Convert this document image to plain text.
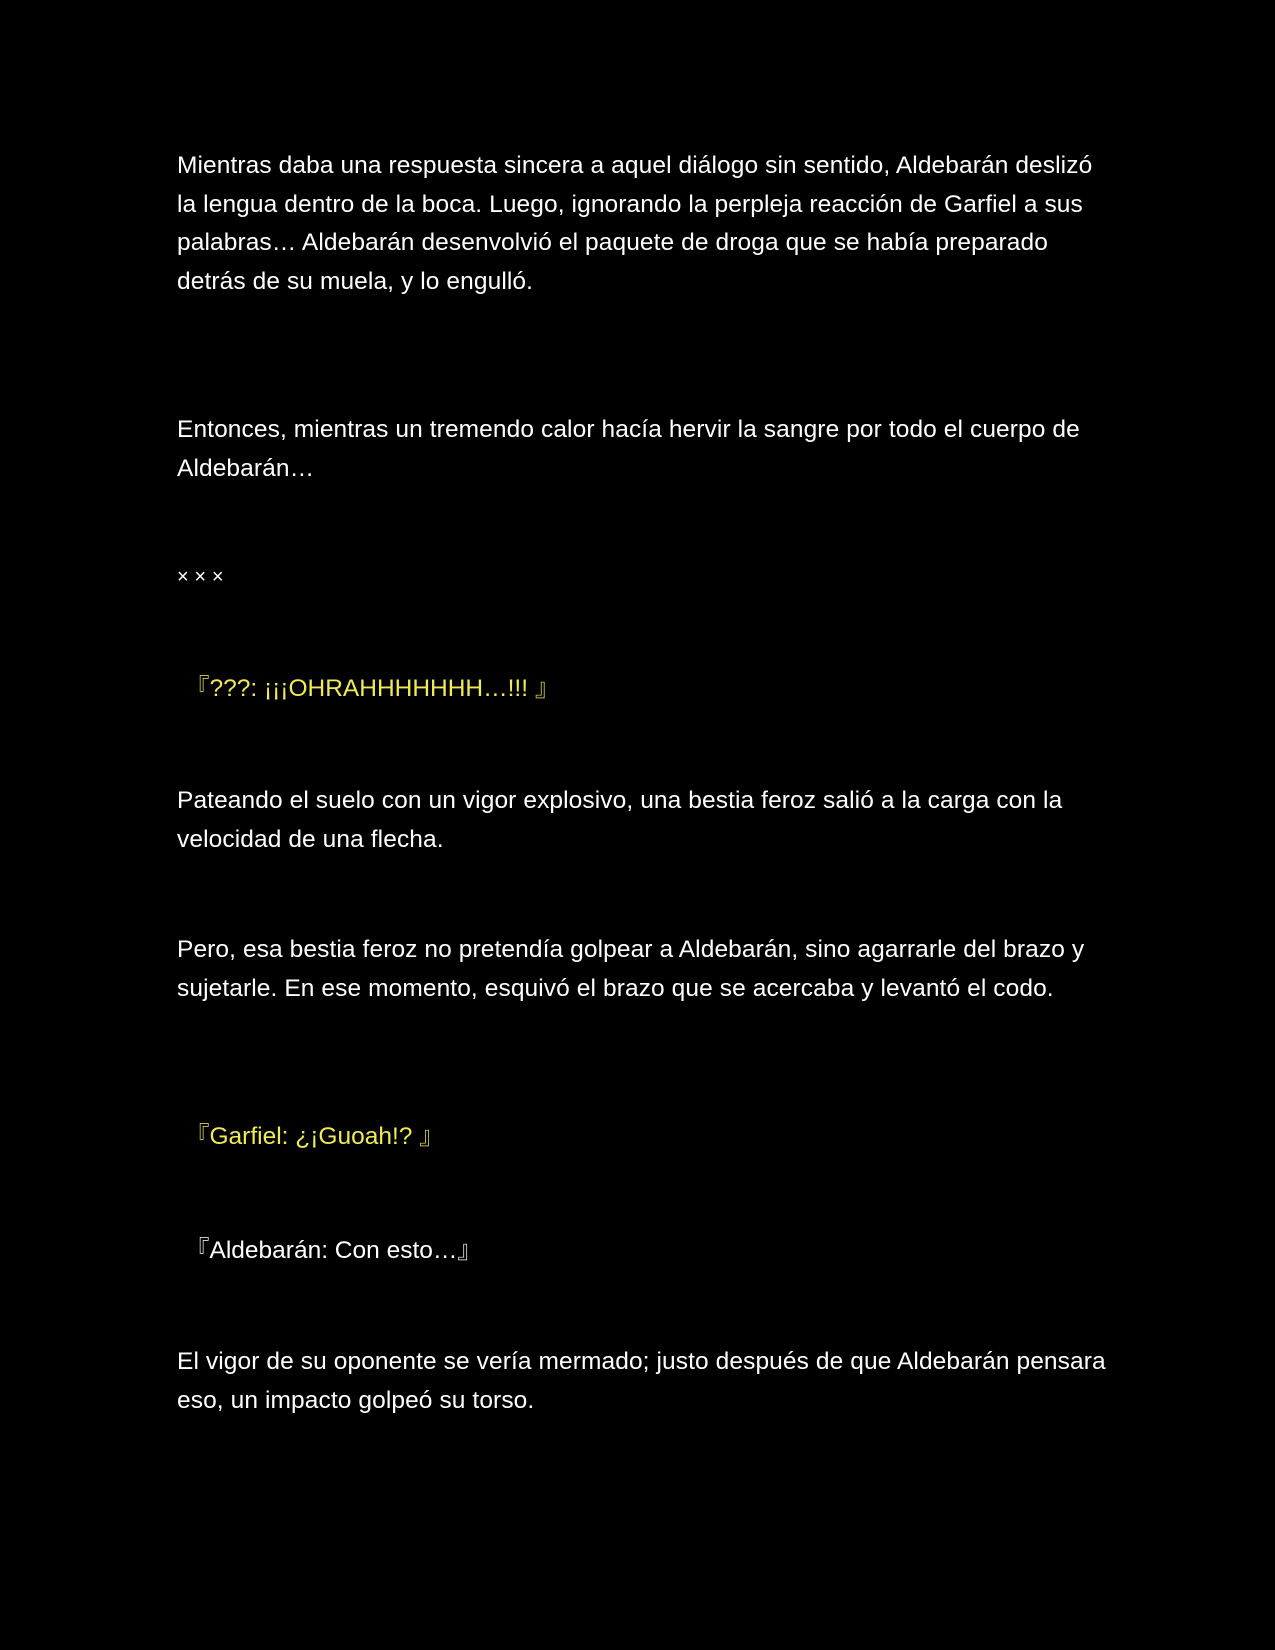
Mientras daba una respuesta sincera a aquel diálogo sin sentido, Aldebarán deslizó la lengua dentro de la boca. Luego, ignorando la perpleja reacción de Garfiel a sus palabras… Aldebarán desenvolvió el paquete de droga que se había preparado detrás de su muela, y lo engulló.

Entonces, mientras un tremendo calor hacía hervir la sangre por todo el cuerpo de Aldebarán…

× × ×

『???: ¡¡¡OHRAHHHHHHH…!!! 』

Pateando el suelo con un vigor explosivo, una bestia feroz salió a la carga con la velocidad de una flecha.

Pero, esa bestia feroz no pretendía golpear a Aldebarán, sino agarrarle del brazo y sujetarle. En ese momento, esquivó el brazo que se acercaba y levantó el codo.

『Garfiel: ¿¡Guoah!? 』

『Aldebarán: Con esto…』

El vigor de su oponente se vería mermado; justo después de que Aldebarán pensara eso, un impacto golpeó su torso.
